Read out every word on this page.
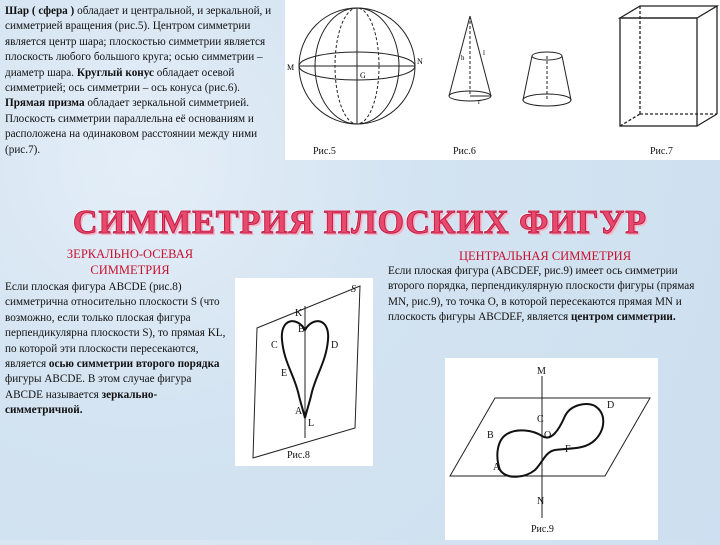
Шар ( сфера ) обладает и центральной, и зеркальной, и симметрией вращения (рис.5). Центром симметрии является центр шара; плоскостью симметрии является плоскость любого большого круга; осью симметрии – диаметр шара. Круглый конус обладает осевой симметрией; ось симметрии – ось конуса (рис.6). Прямая призма обладает зеркальной симметрией. Плоскость симметрии параллельна её основаниям и расположена на одинаковом расстоянии между ними (рис.7).
M
N
G
h
l
r
Рис.5	Рис.6	Рис.7
СИММЕТРИЯ ПЛОСКИХ ФИГУР
ЗЕРКАЛЬНО-ОСЕВАЯ
СИММЕТРИЯ
Если плоская фигура ABCDE (рис.8) симметрична относительно плоскости S (что возможно, если только плоская фигура перпендикулярна плоскости S), то прямая KL, по которой эти плоскости пересекаются, является осью симметрии второго порядка фигуры ABCDE. В этом случае фигура ABCDE называется зеркально-симметричной.
S
K
B
C	D
E
A
L
Рис.8
ЦЕНТРАЛЬНАЯ СИММЕТРИЯ
Если плоская фигура (ABCDEF, рис.9) имеет ось симметрии второго порядка, перпендикулярную плоскости фигуры (прямая MN, рис.9), то точка O, в которой пересекаются прямая MN и плоскость фигуры ABCDEF, является центром симметрии.
M
C
D
B	O
F
A
N
Рис.9
